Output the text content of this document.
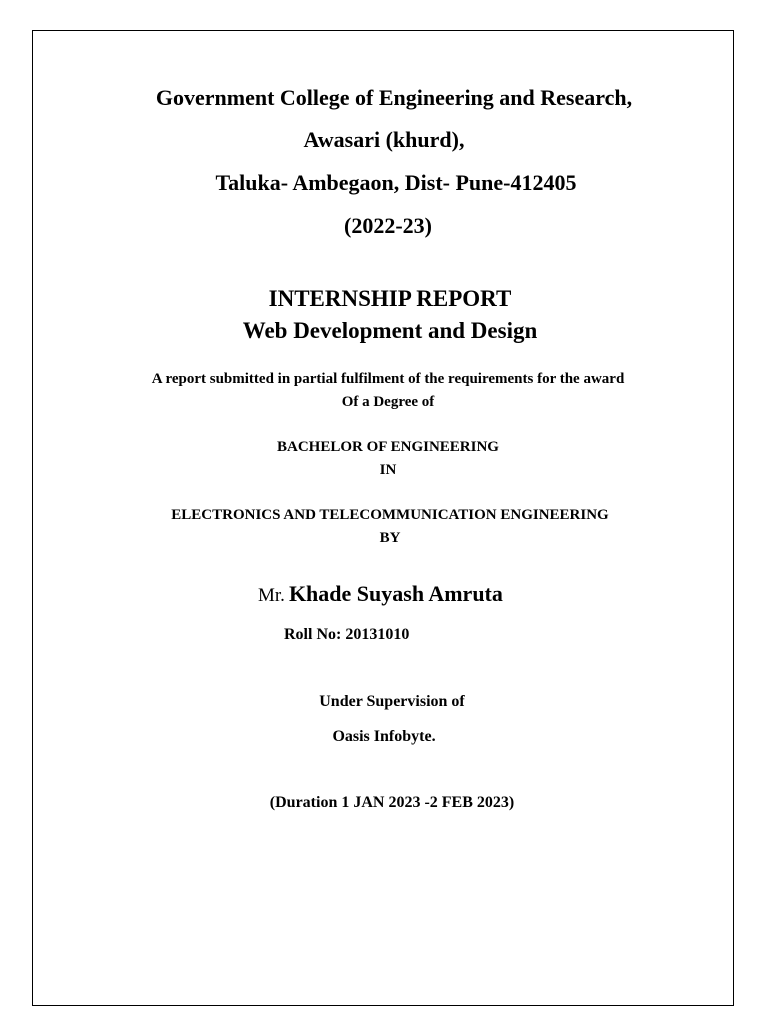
Government College of Engineering and Research,
Awasari (khurd),
Taluka- Ambegaon, Dist- Pune-412405
(2022-23)
INTERNSHIP REPORT
Web Development and Design
A report submitted in partial fulfilment of the requirements for the award
Of a Degree of
BACHELOR OF ENGINEERING
IN
ELECTRONICS AND TELECOMMUNICATION ENGINEERING
BY
Mr. Khade Suyash Amruta
Roll No: 20131010
Under Supervision of
Oasis Infobyte.
(Duration 1 JAN 2023 -2 FEB 2023)
